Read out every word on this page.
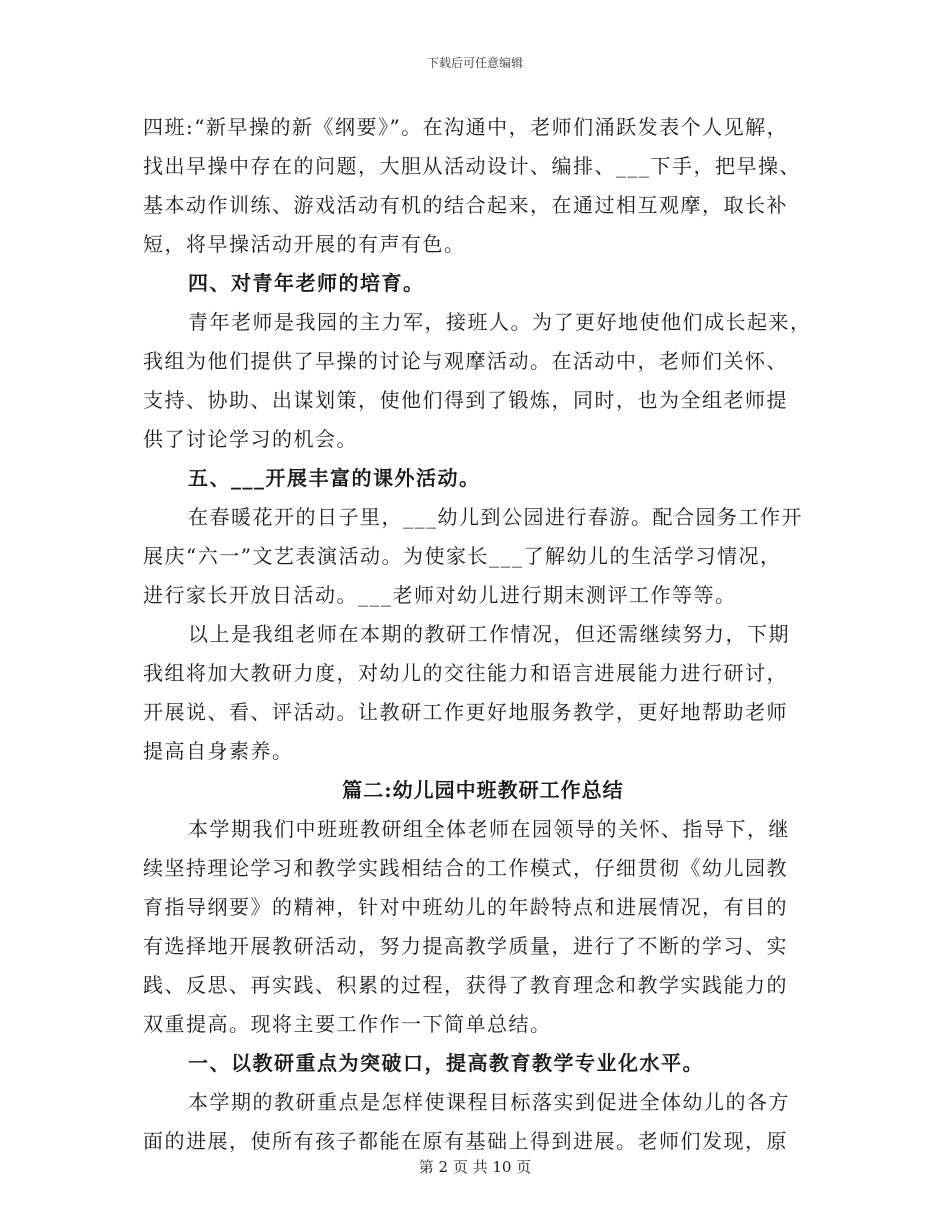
下载后可任意编辑
四班:“新早操的新《纲要》”。在沟通中，老师们涌跃发表个人见解，
找出早操中存在的问题，大胆从活动设计、编排、___下手，把早操、
基本动作训练、游戏活动有机的结合起来，在通过相互观摩，取长补
短，将早操活动开展的有声有色。
四、对青年老师的培育。
青年老师是我园的主力军，接班人。为了更好地使他们成长起来，
我组为他们提供了早操的讨论与观摩活动。在活动中，老师们关怀、
支持、协助、出谋划策，使他们得到了锻炼，同时，也为全组老师提
供了讨论学习的机会。
五、___开展丰富的课外活动。
在春暖花开的日子里，___幼儿到公园进行春游。配合园务工作开
展庆“六一”文艺表演活动。为使家长___了解幼儿的生活学习情况，
进行家长开放日活动。___老师对幼儿进行期末测评工作等等。
以上是我组老师在本期的教研工作情况，但还需继续努力，下期
我组将加大教研力度，对幼儿的交往能力和语言进展能力进行研讨，
开展说、看、评活动。让教研工作更好地服务教学，更好地帮助老师
提高自身素养。
篇二:幼儿园中班教研工作总结
本学期我们中班班教研组全体老师在园领导的关怀、指导下，继
续坚持理论学习和教学实践相结合的工作模式，仔细贯彻《幼儿园教
育指导纲要》的精神，针对中班幼儿的年龄特点和进展情况，有目的
有选择地开展教研活动，努力提高教学质量，进行了不断的学习、实
践、反思、再实践、积累的过程，获得了教育理念和教学实践能力的
双重提高。现将主要工作作一下简单总结。
一、以教研重点为突破口，提高教育教学专业化水平。
本学期的教研重点是怎样使课程目标落实到促进全体幼儿的各方
面的进展，使所有孩子都能在原有基础上得到进展。老师们发现，原
第 2 页 共 10 页
